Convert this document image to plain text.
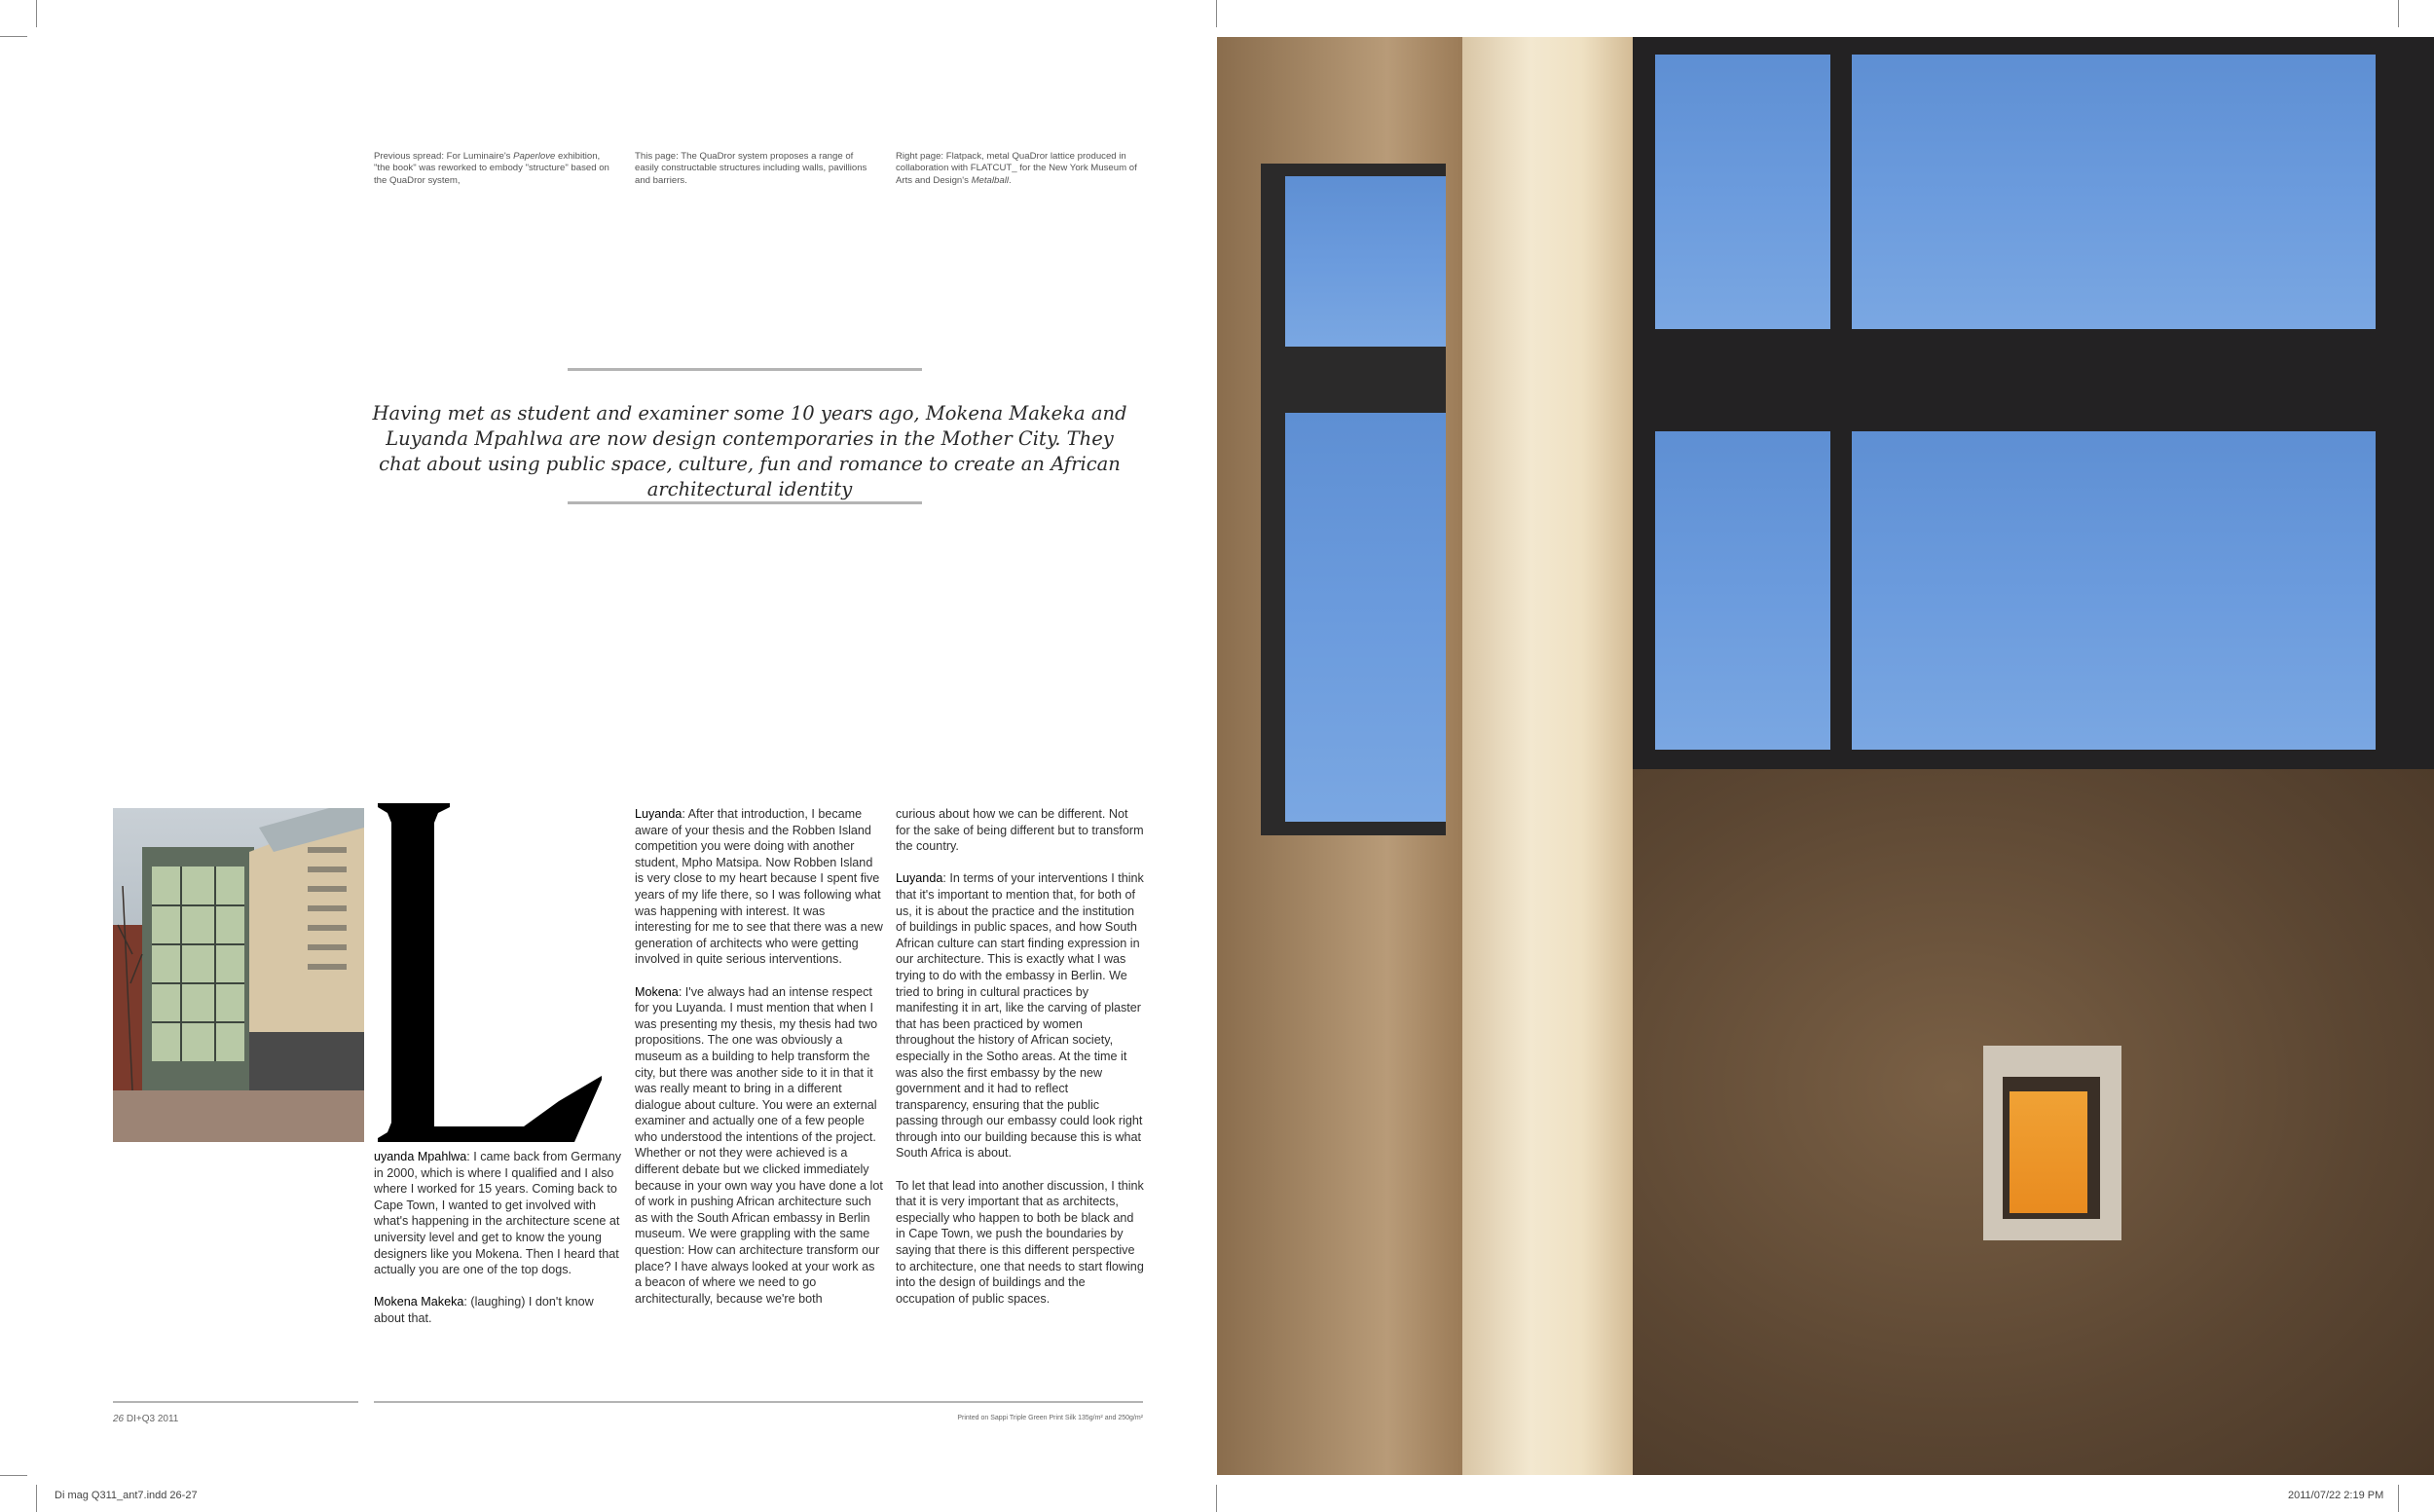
Previous spread: For Luminaire's Paperlove exhibition, "the book" was reworked to embody "structure" based on the QuaDror system,
This page: The QuaDror system proposes a range of easily constructable structures including walls, pavillions and barriers.
Right page: Flatpack, metal QuaDror lattice produced in collaboration with FLATCUT_ for the New York Museum of Arts and Design's Metalball.
Having met as student and examiner some 10 years ago, Mokena Makeka and Luyanda Mpahlwa are now design contemporaries in the Mother City. They chat about using public space, culture, fun and romance to create an African architectural identity

uyanda Mpahlwa: I came back from Germany in 2000, which is where I qualified and I also where I worked for 15 years. Coming back to Cape Town, I wanted to get involved with what's happening in the architecture scene at university level and get to know the young designers like you Mokena. Then I heard that actually you are one of the top dogs.

Mokena Makeka: (laughing) I don't know about that.

Luyanda: After that introduction, I became aware of your thesis and the Robben Island competition you were doing with another student, Mpho Matsipa. Now Robben Island is very close to my heart because I spent five years of my life there, so I was following what was happening with interest. It was interesting for me to see that there was a new generation of architects who were getting involved in quite serious interventions.

Mokena: I've always had an intense respect for you Luyanda. I must mention that when I was presenting my thesis, my thesis had two propositions. The one was obviously a museum as a building to help transform the city, but there was another side to it in that it was really meant to bring in a different dialogue about culture. You were an external examiner and actually one of a few people who understood the intentions of the project. Whether or not they were achieved is a different debate but we clicked immediately because in your own way you have done a lot of work in pushing African architecture such as with the South African embassy in Berlin museum. We were grappling with the same question: How can architecture transform our place? I have always looked at your work as a beacon of where we need to go architecturally, because we're both

curious about how we can be different. Not for the sake of being different but to transform the country.

Luyanda: In terms of your interventions I think that it's important to mention that, for both of us, it is about the practice and the institution of buildings in public spaces, and how South African culture can start finding expression in our architecture. This is exactly what I was trying to do with the embassy in Berlin. We tried to bring in cultural practices by manifesting it in art, like the carving of plaster that has been practiced by women throughout the history of African society, especially in the Sotho areas. At the time it was also the first embassy by the new government and it had to reflect transparency, ensuring that the public passing through our embassy could look right through into our building because this is what South Africa is about.

To let that lead into another discussion, I think that it is very important that as architects, especially who happen to both be black and in Cape Town, we push the boundaries by saying that there is this different perspective to architecture, one that needs to start flowing into the design of buildings and the occupation of public spaces.

26 DI+Q3 2011	Printed on Sappi Triple Green Print Silk 135g/m² and 250g/m²
Di mag Q311_ant7.indd 26-27	2011/07/22 2:19 PM
